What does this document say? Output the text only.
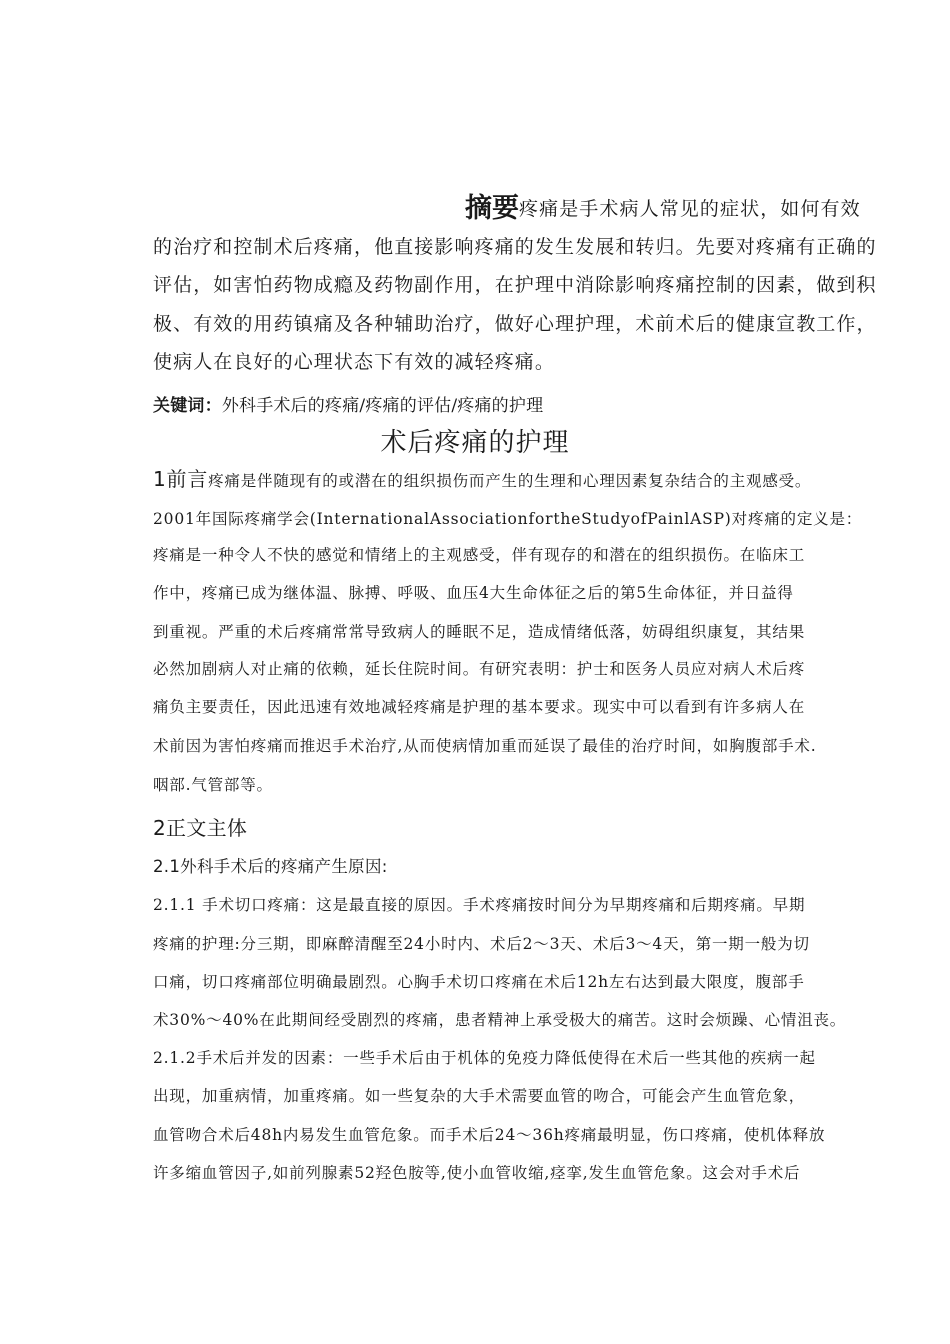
摘要疼痛是手术病人常见的症状，如何有效
的治疗和控制术后疼痛，他直接影响疼痛的发生发展和转归。先要对疼痛有正确的
评估，如害怕药物成瘾及药物副作用，在护理中消除影响疼痛控制的因素，做到积
极、有效的用药镇痛及各种辅助治疗，做好心理护理，术前术后的健康宣教工作，
使病人在良好的心理状态下有效的减轻疼痛。
关键词：外科手术后的疼痛/疼痛的评估/疼痛的护理
术后疼痛的护理
1前言疼痛是伴随现有的或潜在的组织损伤而产生的生理和心理因素复杂结合的主观感受。
2001年国际疼痛学会(InternationalAssociationfortheStudyofPainlASP)对疼痛的定义是：
疼痛是一种令人不快的感觉和情绪上的主观感受，伴有现存的和潜在的组织损伤。在临床工
作中，疼痛已成为继体温、脉搏、呼吸、血压4大生命体征之后的第5生命体征，并日益得
到重视。严重的术后疼痛常常导致病人的睡眠不足，造成情绪低落，妨碍组织康复，其结果
必然加剧病人对止痛的依赖，延长住院时间。有研究表明：护士和医务人员应对病人术后疼
痛负主要责任，因此迅速有效地减轻疼痛是护理的基本要求。现实中可以看到有许多病人在
术前因为害怕疼痛而推迟手术治疗,从而使病情加重而延误了最佳的治疗时间，如胸腹部手术.
咽部.气管部等。
2正文主体
2.1外科手术后的疼痛产生原因:
2.1.1 手术切口疼痛：这是最直接的原因。手术疼痛按时间分为早期疼痛和后期疼痛。早期
疼痛的护理:分三期，即麻醉清醒至24小时内、术后2〜3天、术后3〜4天，第一期一般为切
口痛，切口疼痛部位明确最剧烈。心胸手术切口疼痛在术后12h左右达到最大限度，腹部手
术30%〜40%在此期间经受剧烈的疼痛，患者精神上承受极大的痛苦。这时会烦躁、心情沮丧。
2.1.2手术后并发的因素：一些手术后由于机体的免疫力降低使得在术后一些其他的疾病一起
出现，加重病情，加重疼痛。如一些复杂的大手术需要血管的吻合，可能会产生血管危象，
血管吻合术后48h内易发生血管危象。而手术后24〜36h疼痛最明显，伤口疼痛，使机体释放
许多缩血管因子,如前列腺素52羟色胺等,使小血管收缩,痉挛,发生血管危象。这会对手术后
